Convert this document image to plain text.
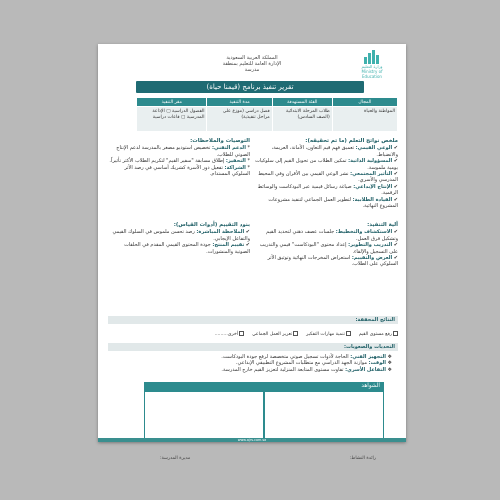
وزارة التعليم
Ministry of Education
المملكة العربية السعودية
الإدارة العامة للتعليم بمنطقة
مدرسة
تقرير تنفيذ برنامج (قيمنا حياة)
المجال	الفئة المستهدفة	مدة التنفيذ	مقر التنفيذ
المواطنة والحياة	طلاب المرحلة الابتدائية (الصف السادس)	فصل دراسي (موزع على مراحل تنفيذية)	الفصول الدراسية ▢ الإذاعة المدرسية ▢ قاعات دراسية
ملخص نواتج التعلم (ما تم تحقيقه):

✔ الوعي القيمي: تعميق فهم قيم التعاون، الأمانة، العريمة، والانضباط.

✔ المسؤولية الذاتية: تمكين الطلاب من تحويل القيم إلى سلوكيات يومية ملموسة.

✔ التأثير المجتمعي: نشر الوعي القيمي بين الأقران وفي المحيط المدرسي والأسري.

✔ الإنتاج الإبداعي: صياغة رسائل قيمية عبر البودكاست والوسائط الرقمية.

✔ القيادة الطلابية: لتطوير العمل الجماعي لتنفيذ مشروعات المشروع النهائية.

التوصيات والملاحظات:

* الدعم التقني: تخصيص استوديو مصغر بالمدرسة لدعم الإنتاج الصوتي للطلاب.

* التحفيز: إطلاق مسابقة "سفير القيم" لتكريم الطلاب الأكثر تأثيراً.

* الشراكة: تفعيل دور الأسرة كشريك أساسي في رصد الأثر السلوكي المستدام.

آلية التنفيذ:

✔ الاستكشاف والتخطيط: جلسات عصف ذهني لتحديد القيم وتشكيل فرق العمل.

✔ التدريب والتطوير: إعداد محتوى "البودكاست" قيمي والتدريب على التسجيل والإلقاء.

✔ العرض والتقييم: استعراض المخرجات النهائية وتوثيق الأثر السلوكي على الطلاب.

بنود التقييم (أدوات القياس):

✔ الملاحظة المباشرة: رصد تحسن ملموس في السلوك القيمي والتفاعل الإيجابي.

✔ تقييم المنتج: جودة المحتوى القيمي المقدم في الحلقات الصوتية والمنشورات.

النتائج المحققة:
رفع مستوى القيم
تنمية مهارات التفكير
تعزيز العمل الجماعي
أخرى.........
التحديات والصعوبات:

❖ التجهيز الفني: الحاجة لأدوات تسجيل صوتي متخصصة لرفع جودة البودكاست.

❖ الوقت: موازنة الجهد الدراسي مع متطلبات المشروع التطبيقي الإبداعي.

❖ التفاعل الأسري: تفاوت مستوى المتابعة المنزلية لتعزيز القيم خارج المدرسة.

الشواهد
رائدة النشاط:
مديرة المدرسة:
www.ajrs.com.sa
